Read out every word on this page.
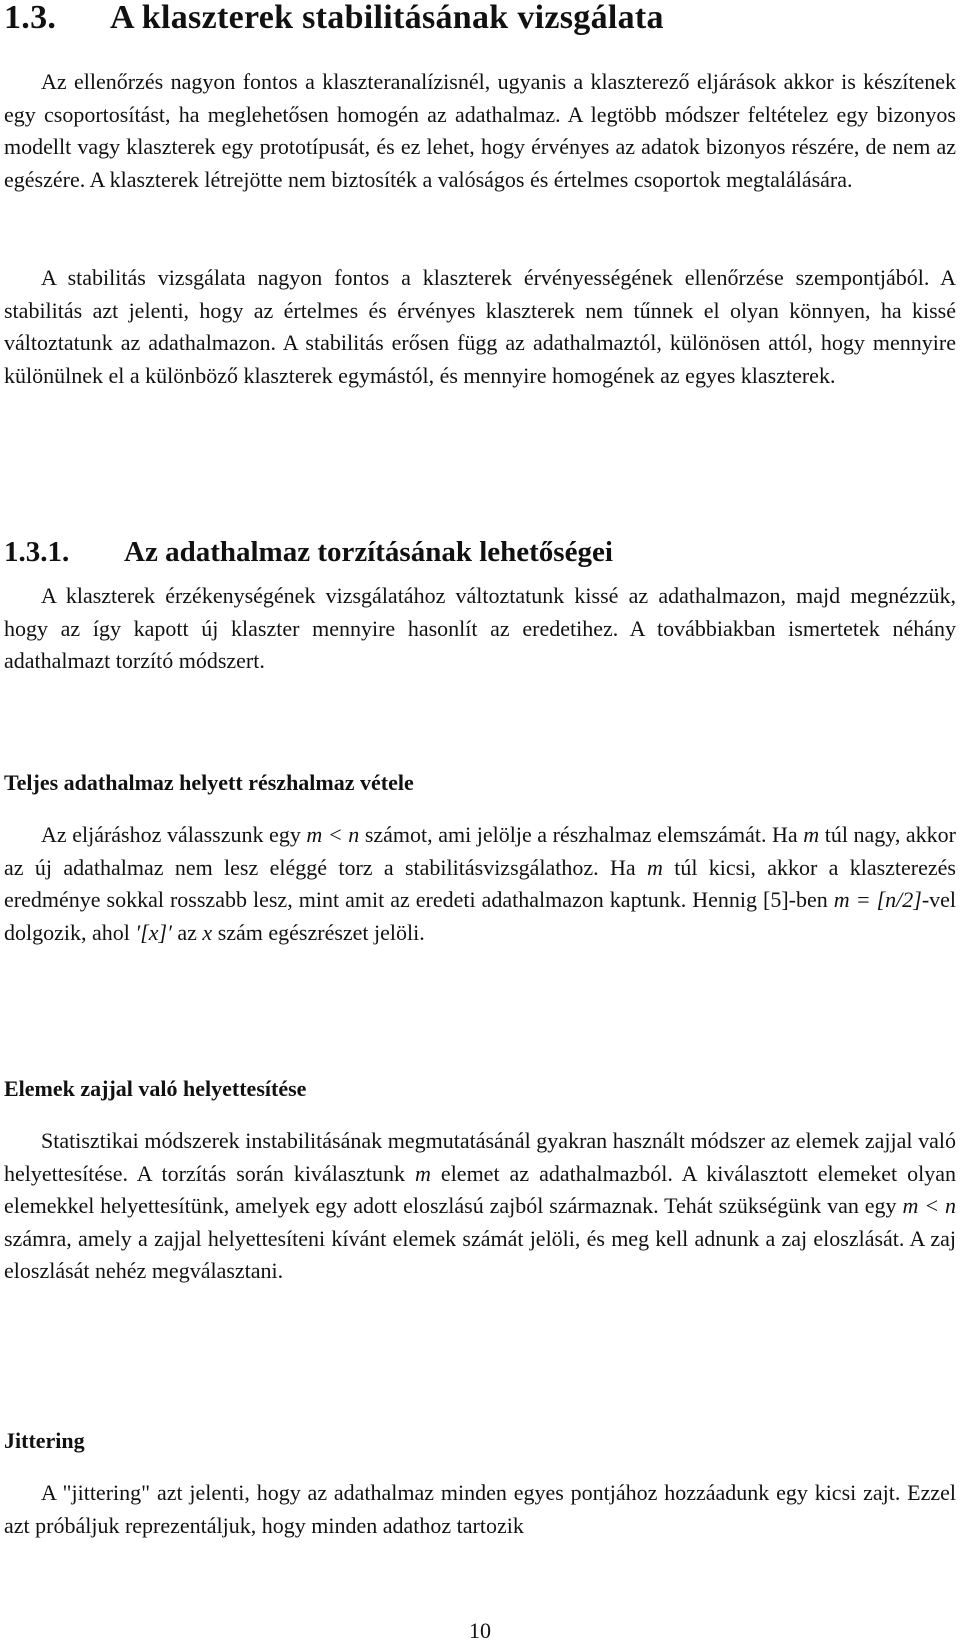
1.3. A klaszterek stabilitásának vizsgálata

Az ellenőrzés nagyon fontos a klaszteranalízisnél, ugyanis a klaszterező eljárások akkor is készítenek egy csoportosítást, ha meglehetősen homogén az adathalmaz. A legtöbb módszer feltételez egy bizonyos modellt vagy klaszterek egy prototípusát, és ez lehet, hogy érvényes az adatok bizonyos részére, de nem az egészére. A klaszterek létrejötte nem biztosíték a valóságos és értelmes csoportok megtalálására.

A stabilitás vizsgálata nagyon fontos a klaszterek érvényességének ellenőrzése szempontjából. A stabilitás azt jelenti, hogy az értelmes és érvényes klaszterek nem tűnnek el olyan könnyen, ha kissé változtatunk az adathalmazon. A stabilitás erősen függ az adathalmaztól, különösen attól, hogy mennyire különülnek el a különböző klaszterek egymástól, és mennyire homogének az egyes klaszterek.

1.3.1. Az adathalmaz torzításának lehetőségei

A klaszterek érzékenységének vizsgálatához változtatunk kissé az adathalmazon, majd megnézzük, hogy az így kapott új klaszter mennyire hasonlít az eredetihez. A továbbiakban ismertetek néhány adathalmazt torzító módszert.

Teljes adathalmaz helyett részhalmaz vétele

Az eljáráshoz válasszunk egy m < n számot, ami jelölje a részhalmaz elemszámát. Ha m túl nagy, akkor az új adathalmaz nem lesz eléggé torz a stabilitásvizsgálathoz. Ha m túl kicsi, akkor a klaszterezés eredménye sokkal rosszabb lesz, mint amit az eredeti adathalmazon kaptunk. Hennig [5]-ben m = [n/2]-vel dolgozik, ahol ′[x]′ az x szám egészrészet jelöli.

Elemek zajjal való helyettesítése

Statisztikai módszerek instabilitásának megmutatásánál gyakran használt módszer az elemek zajjal való helyettesítése. A torzítás során kiválasztunk m elemet az adathalmazból. A kiválasztott elemeket olyan elemekkel helyettesítünk, amelyek egy adott eloszlású zajból származnak. Tehát szükségünk van egy m < n számra, amely a zajjal helyettesíteni kívánt elemek számát jelöli, és meg kell adnunk a zaj eloszlását. A zaj eloszlását nehéz megválasztani.

Jittering

A "jittering" azt jelenti, hogy az adathalmaz minden egyes pontjához hozzáadunk egy kicsi zajt. Ezzel azt próbáljuk reprezentáljuk, hogy minden adathoz tartozik

10
